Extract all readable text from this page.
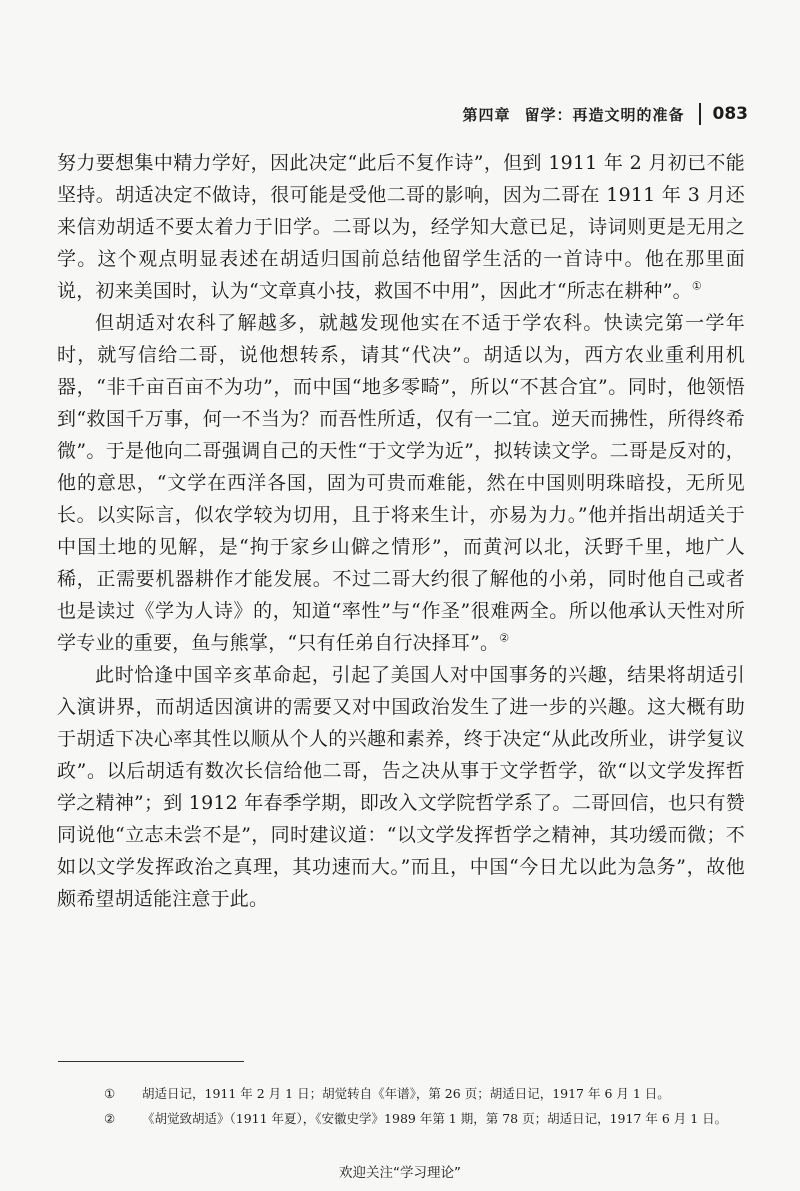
第四章 留学：再造文明的准备 083

努力要想集中精力学好，因此决定“此后不复作诗”，但到 1911 年 2 月初已不能坚持。胡适决定不做诗，很可能是受他二哥的影响，因为二哥在 1911 年 3 月还来信劝胡适不要太着力于旧学。二哥以为，经学知大意已足，诗词则更是无用之学。这个观点明显表述在胡适归国前总结他留学生活的一首诗中。他在那里面说，初来美国时，认为“文章真小技，救国不中用”，因此才“所志在耕种”。①

但胡适对农科了解越多，就越发现他实在不适于学农科。快读完第一学年时，就写信给二哥，说他想转系，请其“代决”。胡适以为，西方农业重利用机器，“非千亩百亩不为功”，而中国“地多零畸”，所以“不甚合宜”。同时，他领悟到“救国千万事，何一不当为？而吾性所适，仅有一二宜。逆天而拂性，所得终希微”。于是他向二哥强调自己的天性“于文学为近”，拟转读文学。二哥是反对的，他的意思，“文学在西洋各国，固为可贵而难能，然在中国则明珠暗投，无所见长。以实际言，似农学较为切用，且于将来生计，亦易为力。”他并指出胡适关于中国土地的见解，是“拘于家乡山僻之情形”，而黄河以北，沃野千里，地广人稀，正需要机器耕作才能发展。不过二哥大约很了解他的小弟，同时他自己或者也是读过《学为人诗》的，知道“率性”与“作圣”很难两全。所以他承认天性对所学专业的重要，鱼与熊掌，“只有任弟自行决择耳”。②

此时恰逢中国辛亥革命起，引起了美国人对中国事务的兴趣，结果将胡适引入演讲界，而胡适因演讲的需要又对中国政治发生了进一步的兴趣。这大概有助于胡适下决心率其性以顺从个人的兴趣和素养，终于决定“从此改所业，讲学复议政”。以后胡适有数次长信给他二哥，告之决从事于文学哲学，欲“以文学发挥哲学之精神”；到 1912 年春季学期，即改入文学院哲学系了。二哥回信，也只有赞同说他“立志未尝不是”，同时建议道：“以文学发挥哲学之精神，其功缓而微；不如以文学发挥政治之真理，其功速而大。”而且，中国“今日尤以此为急务”，故他颇希望胡适能注意于此。

① 胡适日记，1911 年 2 月 1 日；胡觉转自《年谱》，第 26 页；胡适日记，1917 年 6 月 1 日。
② 《胡觉致胡适》（1911 年夏），《安徽史学》1989 年第 1 期，第 78 页；胡适日记，1917 年 6 月 1 日。
欢迎关注“学习理论”
